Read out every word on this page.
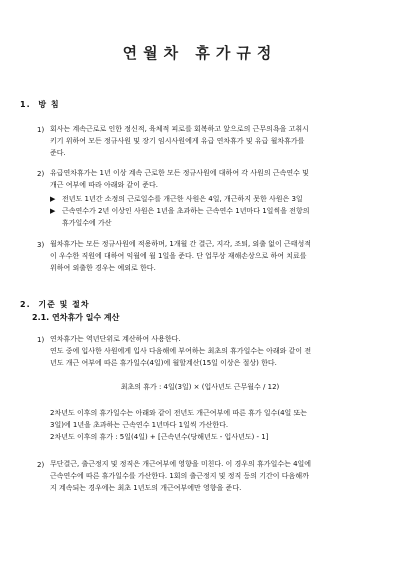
연월차 휴가규정
1. 방 침
1) 회사는 계속근로로 인한 정신적, 육체적 피로를 회복하고 앞으로의 근무의욕을 고취시
키기 위하여 모든 정규사원 및 장기 임시사원에게 유급 연차휴가 및 유급 월차휴가를
준다.
2) 유급연차휴가는 1년 이상 계속 근로한 모든 정규사원에 대하여 각 사원의 근속연수 및
개근 여부에 따라 아래와 같이 준다.
▶ 전년도 1년간 소정의 근로일수를 개근한 사원은 4일, 개근하지 못한 사원은 3일
▶ 근속연수가 2년 이상인 사원은 1년을 초과하는 근속연수 1년마다 1일씩을 전항의
휴가일수에 가산
3) 월차휴가는 모든 정규사원에 적용하며, 1개월 간 결근, 지각, 조퇴, 외출 없이 근태성적
이 우수한 직원에 대하여 익월에 월 1일을 준다. 단 업무상 재해손상으로 하여 치료를
위하여 외출한 경우는 예외로 한다.
2. 기준 및 절차
2.1. 연차휴가 일수 계산
1) 연차휴가는 역년단위로 계산하여 사용한다.
연도 중에 입사한 사원에게 입사 다음해에 부여하는 최초의 휴가일수는 아래와 같이 전
년도 개근 여부에 따른 휴가일수(4일)에 월할계산(15일 이상은 절상) 한다.
최초의 휴가 : 4일(3일) × (입사년도 근무월수 / 12)
2차년도 이후의 휴가일수는 아래와 같이 전년도 개근여부에 따른 휴가 일수(4일 또는
3일)에 1년을 초과하는 근속연수 1년마다 1일씩 가산한다.
2차년도 이후의 휴가 : 5일(4일) + [근속년수(당해년도 - 입사년도) - 1]
2) 무단결근, 출근정지 및 정직은 개근여부에 영향을 미친다. 이 경우의 휴가일수는 4일에
근속연수에 따른 휴가일수를 가산한다. 1회의 출근정지 및 정직 등의 기간이 다음해까
지 계속되는 경우에는 최초 1년도의 개근여부에만 영향을 준다.
